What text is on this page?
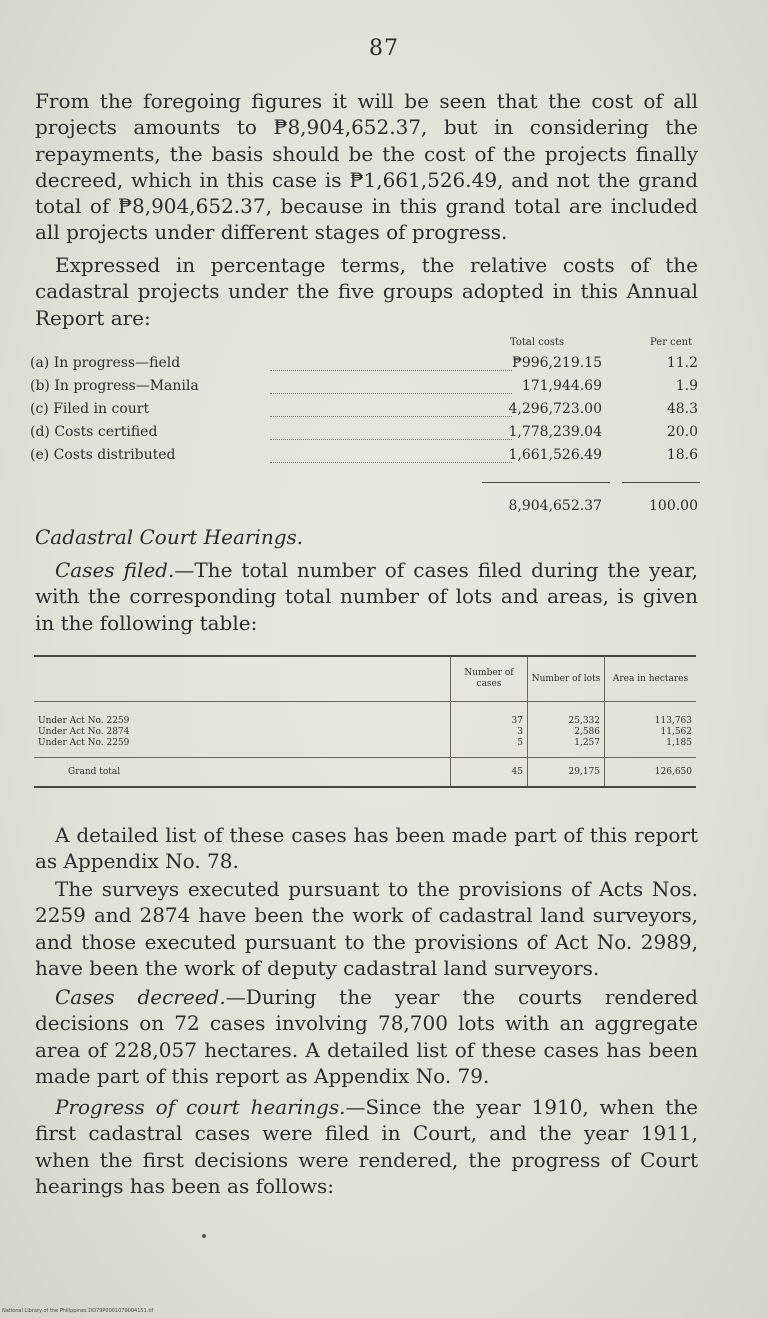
87

From the foregoing figures it will be seen that the cost of all projects amounts to ₱8,904,652.37, but in considering the repayments, the basis should be the cost of the projects finally decreed, which in this case is ₱1,661,526.49, and not the grand total of ₱8,904,652.37, because in this grand total are included all projects under different stages of progress.

Expressed in percentage terms, the relative costs of the cadastral projects under the five groups adopted in this Annual Report are:

Total costs	Per cent
(a) In progress—field	₱996,219.15	11.2
(b) In progress—Manila	171,944.69	1.9
(c) Filed in court	4,296,723.00	48.3
(d) Costs certified	1,778,239.04	20.0
(e) Costs distributed	1,661,526.49	18.6
8,904,652.37	100.00
Cadastral Court Hearings.

Cases filed.—The total number of cases filed during the year, with the corresponding total number of lots and areas, is given in the following table:

	Number of cases	Number of lots	Area in hectares
Under Act No. 2259	37	25,332	113,763
Under Act No. 2874	3	2,586	11,562
Under Act No. 2259	5	1,257	1,185
Grand total	45	29,175	126,650

A detailed list of these cases has been made part of this report as Appendix No. 78.

The surveys executed pursuant to the provisions of Acts Nos. 2259 and 2874 have been the work of cadastral land surveyors, and those executed pursuant to the provisions of Act No. 2989, have been the work of deputy cadastral land surveyors.

Cases decreed.—During the year the courts rendered decisions on 72 cases involving 78,700 lots with an aggregate area of 228,057 hectares. A detailed list of these cases has been made part of this report as Appendix No. 79.

Progress of court hearings.—Since the year 1910, when the first cadastral cases were filed in Court, and the year 1911, when the first decisions were rendered, the progress of Court hearings has been as follows:

National Library of the Philippines DO79P0001079004151.tif
